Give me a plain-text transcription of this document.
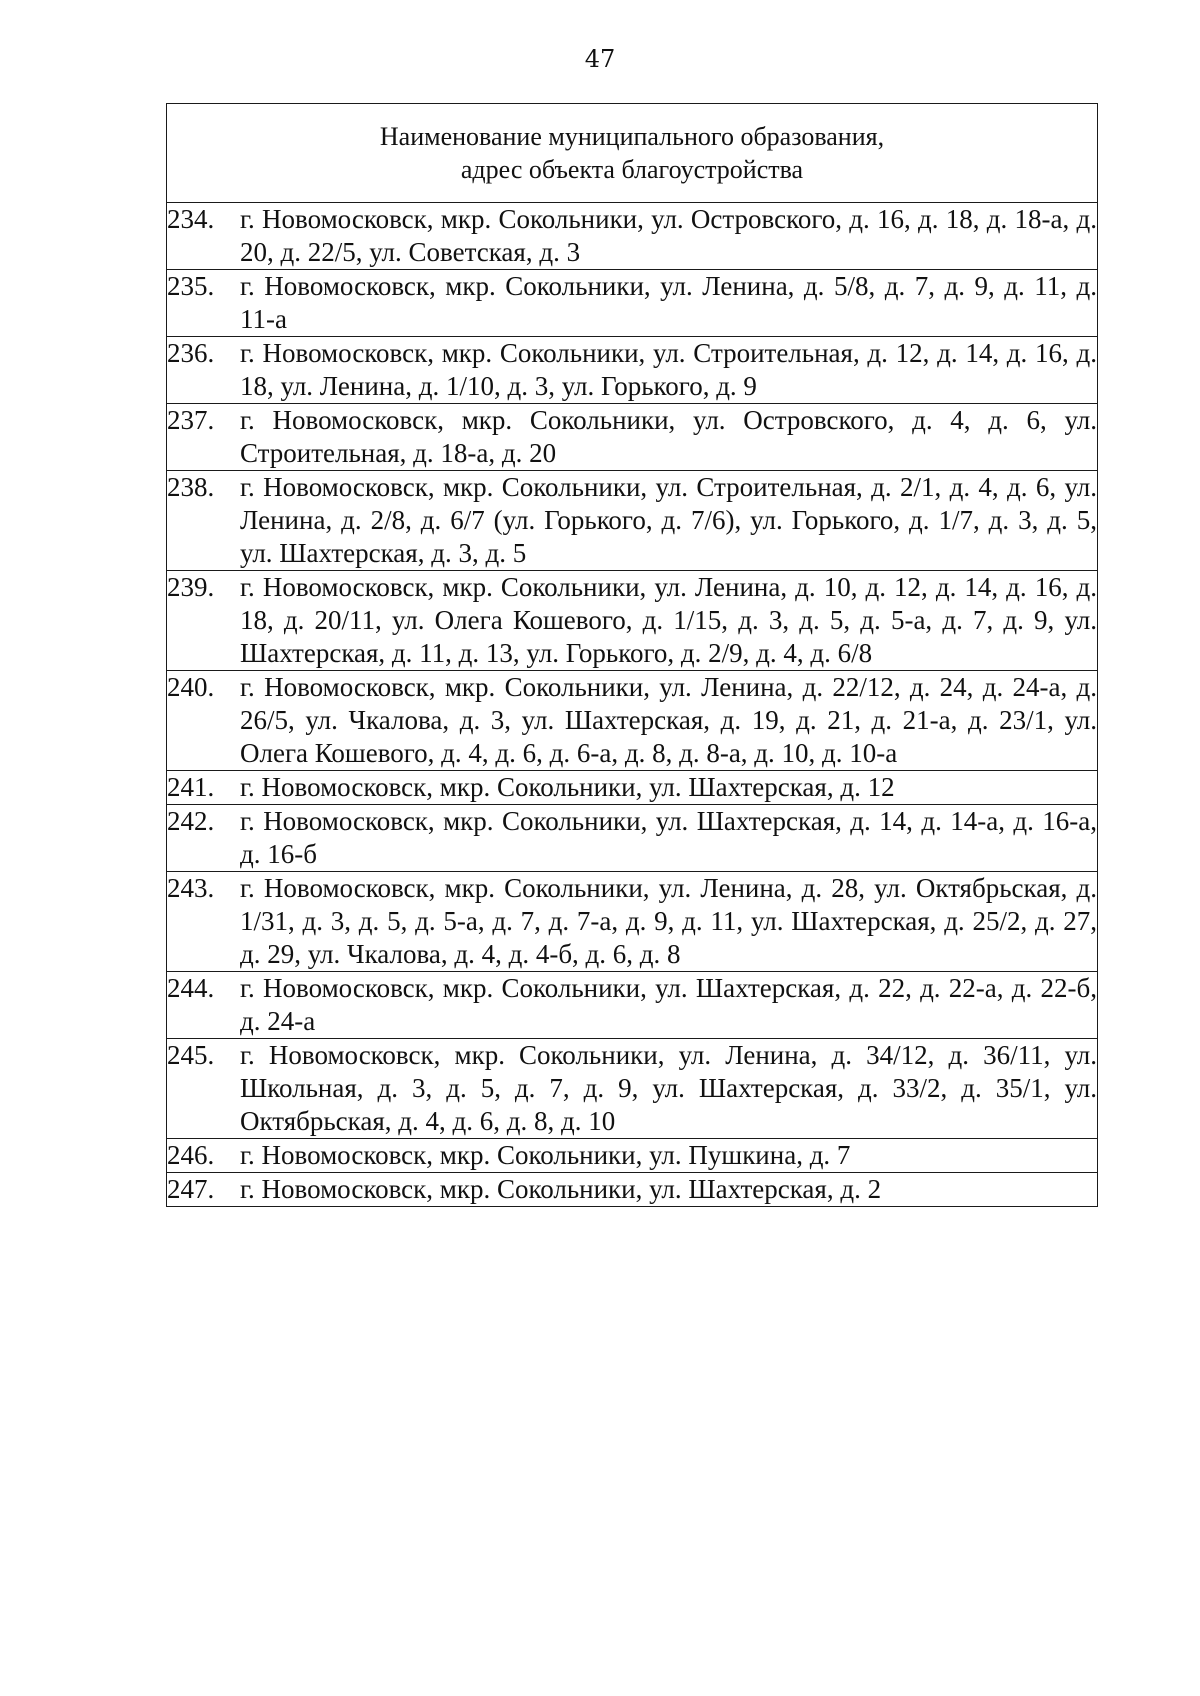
47
Наименование муниципального образования,
адрес объекта благоустройства

234. г. Новомосковск, мкр. Сокольники, ул. Островского, д. 16, д. 18, д. 18-а, д. 20, д. 22/5, ул. Советская, д. 3

235. г. Новомосковск, мкр. Сокольники, ул. Ленина, д. 5/8, д. 7, д. 9, д. 11, д. 11-а

236. г. Новомосковск, мкр. Сокольники, ул. Строительная, д. 12, д. 14, д. 16, д. 18, ул. Ленина, д. 1/10, д. 3, ул. Горького, д. 9

237. г. Новомосковск, мкр. Сокольники, ул. Островского, д. 4, д. 6, ул. Строительная, д. 18-а, д. 20

238. г. Новомосковск, мкр. Сокольники, ул. Строительная, д. 2/1, д. 4, д. 6, ул. Ленина, д. 2/8, д. 6/7 (ул. Горького, д. 7/6), ул. Горького, д. 1/7, д. 3, д. 5, ул. Шахтерская, д. 3, д. 5

239. г. Новомосковск, мкр. Сокольники, ул. Ленина, д. 10, д. 12, д. 14, д. 16, д. 18, д. 20/11, ул. Олега Кошевого, д. 1/15, д. 3, д. 5, д. 5-а, д. 7, д. 9, ул. Шахтерская, д. 11, д. 13, ул. Горького, д. 2/9, д. 4, д. 6/8

240. г. Новомосковск, мкр. Сокольники, ул. Ленина, д. 22/12, д. 24, д. 24-а, д. 26/5, ул. Чкалова, д. 3, ул. Шахтерская, д. 19, д. 21, д. 21-а, д. 23/1, ул. Олега Кошевого, д. 4, д. 6, д. 6-а, д. 8, д. 8-а, д. 10, д. 10-а

241. г. Новомосковск, мкр. Сокольники, ул. Шахтерская, д. 12

242. г. Новомосковск, мкр. Сокольники, ул. Шахтерская, д. 14, д. 14-а, д. 16-а, д. 16-б

243. г. Новомосковск, мкр. Сокольники, ул. Ленина, д. 28, ул. Октябрьская, д. 1/31, д. 3, д. 5, д. 5-а, д. 7, д. 7-а, д. 9, д. 11, ул. Шахтерская, д. 25/2, д. 27, д. 29, ул. Чкалова, д. 4, д. 4-б, д. 6, д. 8

244. г. Новомосковск, мкр. Сокольники, ул. Шахтерская, д. 22, д. 22-а, д. 22-б, д. 24-а

245. г. Новомосковск, мкр. Сокольники, ул. Ленина, д. 34/12, д. 36/11, ул. Школьная, д. 3, д. 5, д. 7, д. 9, ул. Шахтерская, д. 33/2, д. 35/1, ул. Октябрьская, д. 4, д. 6, д. 8, д. 10

246. г. Новомосковск, мкр. Сокольники, ул. Пушкина, д. 7

247. г. Новомосковск, мкр. Сокольники, ул. Шахтерская, д. 2
